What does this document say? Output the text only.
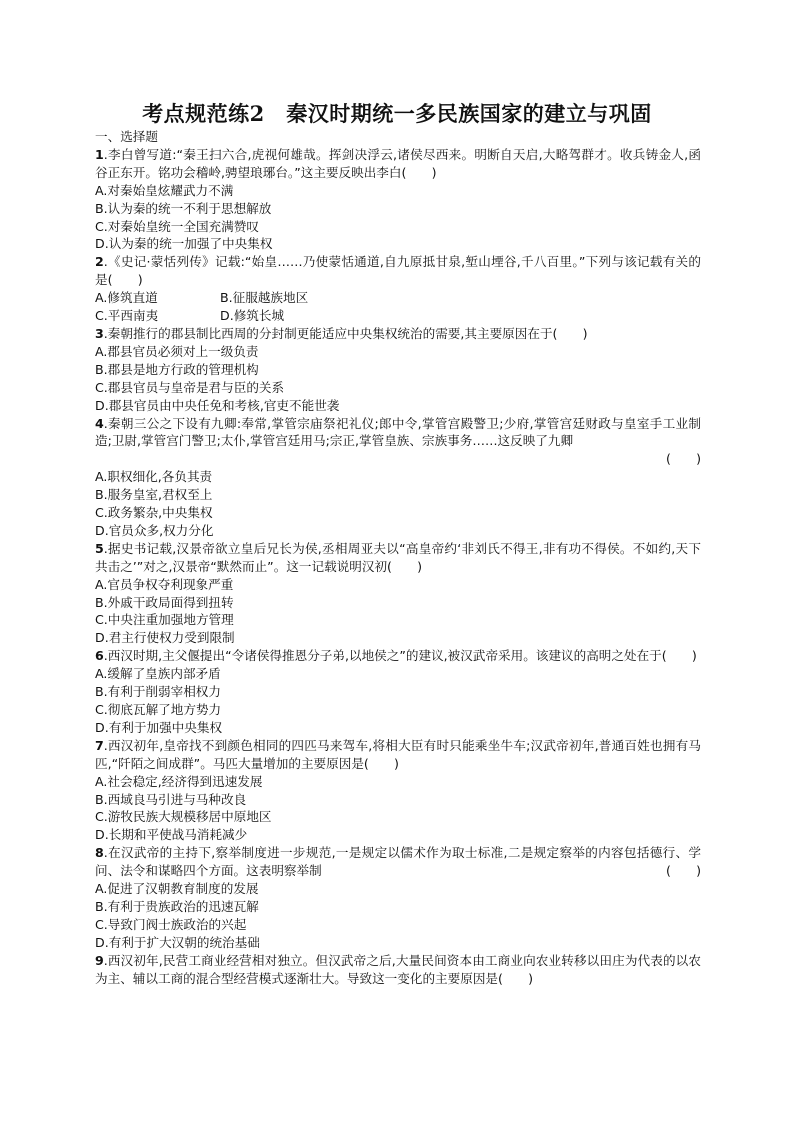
考点规范练2　秦汉时期统一多民族国家的建立与巩固

一、选择题

1.李白曾写道:“秦王扫六合,虎视何雄哉。挥剑决浮云,诸侯尽西来。明断自天启,大略驾群才。收兵铸金人,函谷正东开。铭功会稽岭,骋望琅琊台。”这主要反映出李白(　　)

A.对秦始皇炫耀武力不满

B.认为秦的统一不利于思想解放

C.对秦始皇统一全国充满赞叹

D.认为秦的统一加强了中央集权

2.《史记·蒙恬列传》记载:“始皇……乃使蒙恬通道,自九原抵甘泉,堑山堙谷,千八百里。”下列与该记载有关的是(　　)

A.修筑直道	B.征服越族地区
C.平西南夷	D.修筑长城

3.秦朝推行的郡县制比西周的分封制更能适应中央集权统治的需要,其主要原因在于(　　)

A.郡县官员必须对上一级负责

B.郡县是地方行政的管理机构

C.郡县官员与皇帝是君与臣的关系

D.郡县官员由中央任免和考核,官吏不能世袭

4.秦朝三公之下设有九卿:奉常,掌管宗庙祭祀礼仪;郎中令,掌管宫殿警卫;少府,掌管宫廷财政与皇室手工业制造;卫尉,掌管宫门警卫;太仆,掌管宫廷用马;宗正,掌管皇族、宗族事务……这反映了九卿

(　　)

A.职权细化,各负其责

B.服务皇室,君权至上

C.政务繁杂,中央集权

D.官员众多,权力分化

5.据史书记载,汉景帝欲立皇后兄长为侯,丞相周亚夫以“高皇帝约‘非刘氏不得王,非有功不得侯。不如约,天下共击之’”对之,汉景帝“默然而止”。这一记载说明汉初(　　)

A.官员争权夺利现象严重

B.外戚干政局面得到扭转

C.中央注重加强地方管理

D.君主行使权力受到限制

6.西汉时期,主父偃提出“令诸侯得推恩分子弟,以地侯之”的建议,被汉武帝采用。该建议的高明之处在于(　　)

A.缓解了皇族内部矛盾

B.有利于削弱宰相权力

C.彻底瓦解了地方势力

D.有利于加强中央集权

7.西汉初年,皇帝找不到颜色相同的四匹马来驾车,将相大臣有时只能乘坐牛车;汉武帝初年,普通百姓也拥有马匹,“阡陌之间成群”。马匹大量增加的主要原因是(　　)

A.社会稳定,经济得到迅速发展

B.西域良马引进与马种改良

C.游牧民族大规模移居中原地区

D.长期和平使战马消耗减少

8.在汉武帝的主持下,察举制度进一步规范,一是规定以儒术作为取士标准,二是规定察举的内容包括德行、学问、法令和谋略四个方面。这表明察举制	(　　)

A.促进了汉朝教育制度的发展

B.有利于贵族政治的迅速瓦解

C.导致门阀士族政治的兴起

D.有利于扩大汉朝的统治基础

9.西汉初年,民营工商业经营相对独立。但汉武帝之后,大量民间资本由工商业向农业转移以田庄为代表的以农为主、辅以工商的混合型经营模式逐渐壮大。导致这一变化的主要原因是(　　)
